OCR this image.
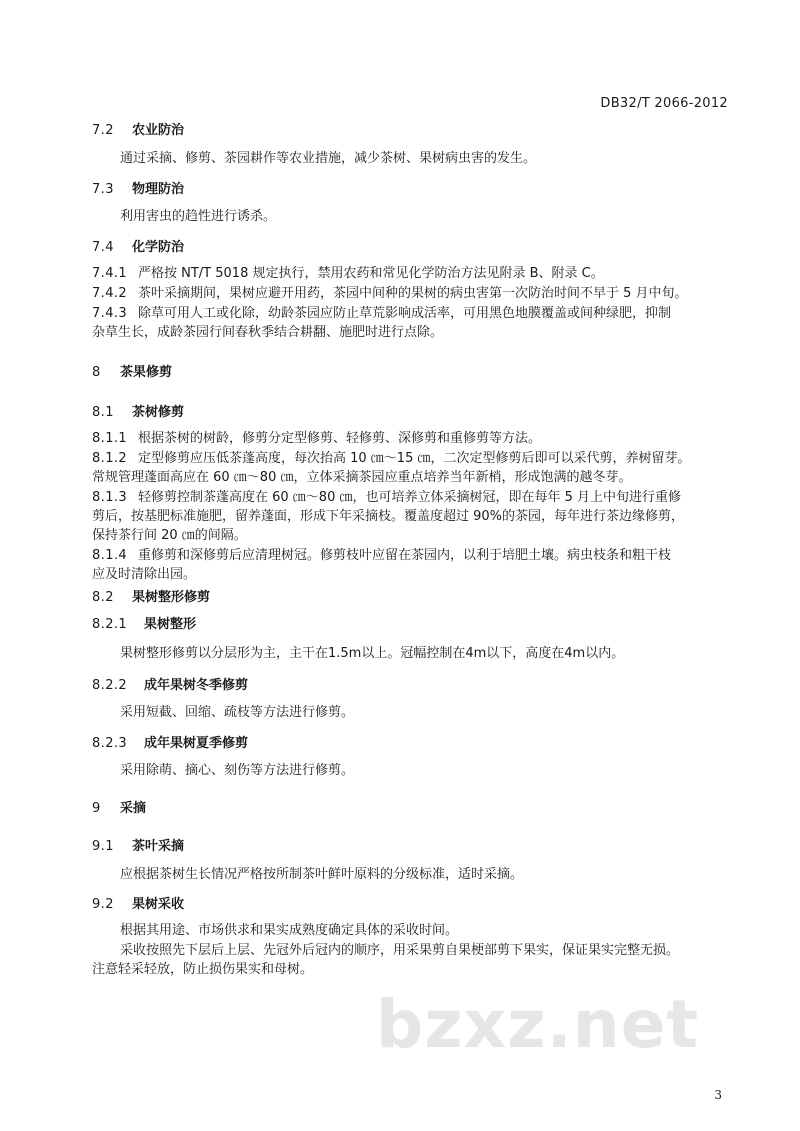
DB32/T 2066-2012
7.2 农业防治
通过采摘、修剪、茶园耕作等农业措施，减少茶树、果树病虫害的发生。
7.3 物理防治
利用害虫的趋性进行诱杀。
7.4 化学防治
7.4.1 严格按 NT/T 5018 规定执行，禁用农药和常见化学防治方法见附录 B、附录 C。
7.4.2 茶叶采摘期间，果树应避开用药，茶园中间种的果树的病虫害第一次防治时间不早于 5 月中旬。
7.4.3 除草可用人工或化除，幼龄茶园应防止草荒影响成活率，可用黑色地膜覆盖或间种绿肥，抑制
杂草生长，成龄茶园行间春秋季结合耕翻、施肥时进行点除。
8 茶果修剪
8.1 茶树修剪
8.1.1 根据茶树的树龄，修剪分定型修剪、轻修剪、深修剪和重修剪等方法。
8.1.2 定型修剪应压低茶蓬高度，每次抬高 10 ㎝～15 ㎝，二次定型修剪后即可以采代剪，养树留芽。
常规管理蓬面高应在 60 ㎝～80 ㎝，立体采摘茶园应重点培养当年新梢，形成饱满的越冬芽。
8.1.3 轻修剪控制茶蓬高度在 60 ㎝～80 ㎝，也可培养立体采摘树冠，即在每年 5 月上中旬进行重修
剪后，按基肥标准施肥，留养蓬面，形成下年采摘枝。覆盖度超过 90%的茶园，每年进行茶边缘修剪，
保持茶行间 20 ㎝的间隔。
8.1.4 重修剪和深修剪后应清理树冠。修剪枝叶应留在茶园内，以利于培肥土壤。病虫枝条和粗干枝
应及时清除出园。
8.2 果树整形修剪
8.2.1 果树整形
果树整形修剪以分层形为主，主干在1.5m以上。冠幅控制在4m以下，高度在4m以内。
8.2.2 成年果树冬季修剪
采用短截、回缩、疏枝等方法进行修剪。
8.2.3 成年果树夏季修剪
采用除萌、摘心、刻伤等方法进行修剪。
9 采摘
9.1 茶叶采摘
应根据茶树生长情况严格按所制茶叶鲜叶原料的分级标准，适时采摘。
9.2 果树采收
根据其用途、市场供求和果实成熟度确定具体的采收时间。
采收按照先下层后上层、先冠外后冠内的顺序，用采果剪自果梗部剪下果实，保证果实完整无损。
注意轻采轻放，防止损伤果实和母树。
bzxz.net
3
